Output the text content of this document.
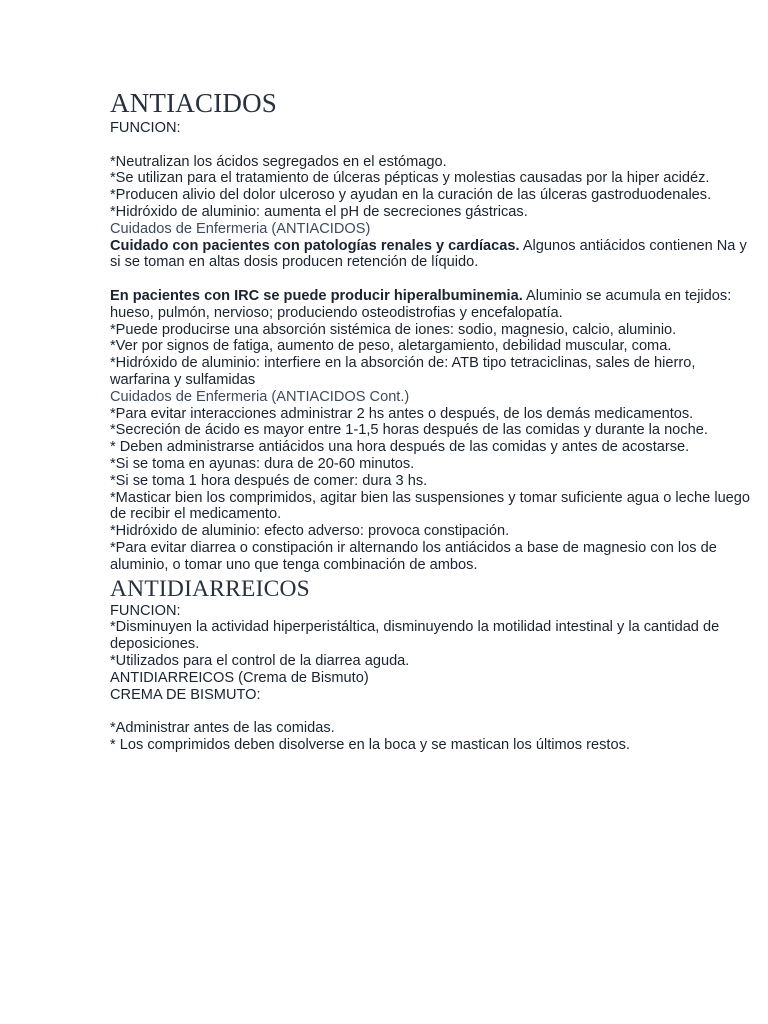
ANTIACIDOS

FUNCION:

*Neutralizan los ácidos segregados en el estómago.

*Se utilizan para el tratamiento de úlceras pépticas y molestias causadas por la hiper acidéz.

*Producen alivio del dolor ulceroso y ayudan en la curación de las úlceras gastroduodenales.

*Hidróxido de aluminio: aumenta el pH de secreciones gástricas.

Cuidados de Enfermeria (ANTIACIDOS)

Cuidado con pacientes con patologías renales y cardíacas. Algunos antiácidos contienen Na y si se toman en altas dosis producen retención de líquido.

En pacientes con IRC se puede producir hiperalbuminemia. Aluminio se acumula en tejidos: hueso, pulmón, nervioso; produciendo osteodistrofias y encefalopatía.

*Puede producirse una absorción sistémica de iones: sodio, magnesio, calcio, aluminio.

*Ver por signos de fatiga, aumento de peso, aletargamiento, debilidad muscular, coma.

*Hidróxido de aluminio: interfiere en la absorción de: ATB tipo tetraciclinas, sales de hierro, warfarina y sulfamidas

Cuidados de Enfermeria (ANTIACIDOS Cont.)

*Para evitar interacciones administrar 2 hs antes o después, de los demás medicamentos.

*Secreción de ácido es mayor entre 1-1,5 horas después de las comidas y durante la noche.

* Deben administrarse antiácidos una hora después de las comidas y antes de acostarse.

*Si se toma en ayunas: dura de 20-60 minutos.

*Si se toma 1 hora después de comer: dura 3 hs.

*Masticar bien los comprimidos, agitar bien las suspensiones y tomar suficiente agua o leche luego de recibir el medicamento.

*Hidróxido de aluminio: efecto adverso: provoca constipación.

*Para evitar diarrea o constipación ir alternando los antiácidos a base de magnesio con los de aluminio, o tomar uno que tenga combinación de ambos.

ANTIDIARREICOS

FUNCION:

*Disminuyen la actividad hiperperistáltica, disminuyendo la motilidad intestinal y la cantidad de deposiciones.

*Utilizados para el control de la diarrea aguda.

ANTIDIARREICOS (Crema de Bismuto)

CREMA DE BISMUTO:

*Administrar antes de las comidas.

* Los comprimidos deben disolverse en la boca y se mastican los últimos restos.
